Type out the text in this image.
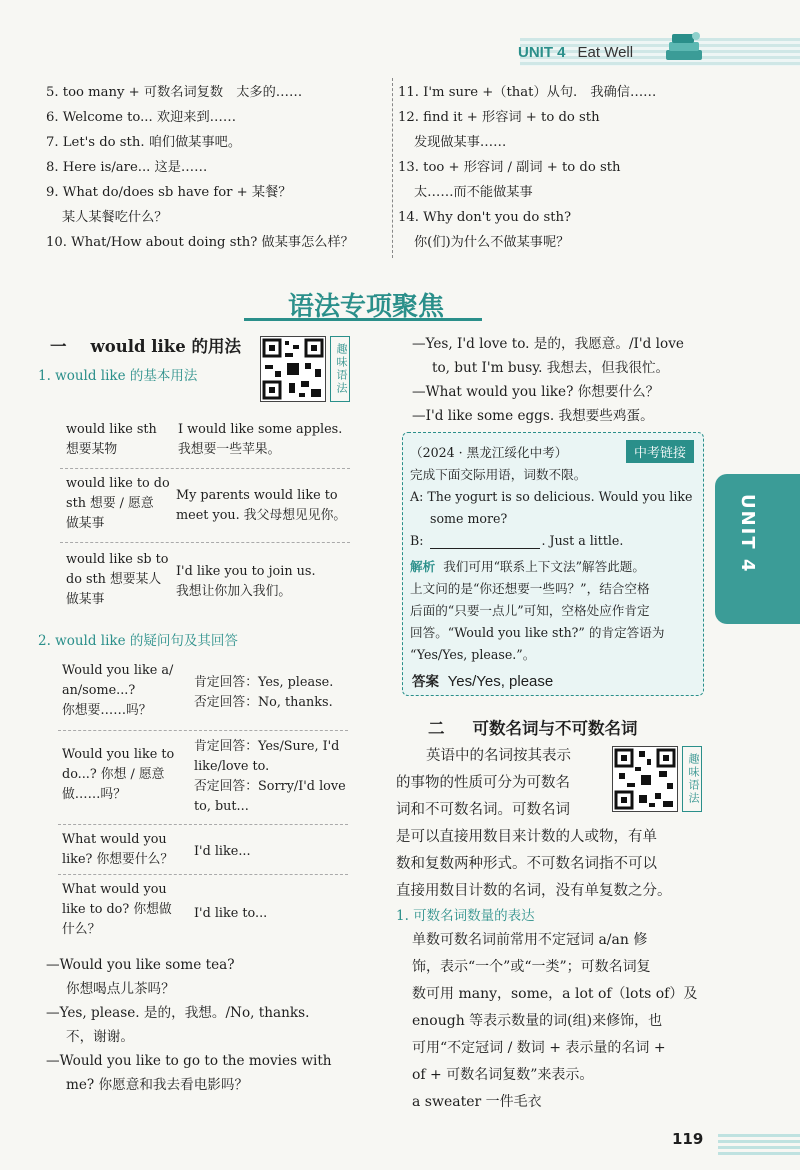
UNIT 4 Eat Well
5. too many + 可数名词复数　太多的……
6. Welcome to... 欢迎来到……
7. Let's do sth. 咱们做某事吧。
8. Here is/are... 这是……
9. What do/does sb have for + 某餐？
某人某餐吃什么？
10. What/How about doing sth? 做某事怎么样？
11. I'm sure +（that）从句.　我确信……
12. find it + 形容词 + to do sth
发现做某事……
13. too + 形容词 / 副词 + to do sth
太……而不能做某事
14. Why don't you do sth?
你(们)为什么不做某事呢？
语法专项聚焦
一 would like 的用法	趣味语法
1. would like 的基本用法
would like sth
想要某物
I would like some apples.
我想要一些苹果。
would like to do
sth 想要 / 愿意
做某事
My parents would like to
meet you. 我父母想见见你。
would like sb to
do sth 想要某人
做某事
I'd like you to join us.
我想让你加入我们。
2. would like 的疑问句及其回答
Would you like a/
an/some...?
你想要……吗？
肯定回答：Yes, please.
否定回答：No, thanks.
Would you like to
do...? 你想 / 愿意
做……吗？
肯定回答：Yes/Sure, I'd
like/love to.
否定回答：Sorry/I'd love
to, but...
What would you
like? 你想要什么？
I'd like...
What would you
like to do? 你想做
什么？
I'd like to...
—Would you like some tea?
你想喝点儿茶吗？
—Yes, please. 是的，我想。/No, thanks.
不，谢谢。
—Would you like to go to the movies with
me? 你愿意和我去看电影吗？
—Yes, I'd love to. 是的，我愿意。/I'd love
to, but I'm busy. 我想去，但我很忙。
—What would you like? 你想要什么？
—I'd like some eggs. 我想要些鸡蛋。
中考链接
（2024 · 黑龙江绥化中考）
完成下面交际用语，词数不限。
A: The yogurt is so delicious. Would you like
some more?
B:	. Just a little.
解析 我们可用“联系上下文法”解答此题。
上文问的是“你还想要一些吗？”，结合空格
后面的“只要一点儿”可知，空格处应作肯定
回答。“Would you like sth?” 的肯定答语为
“Yes/Yes, please.”。
答案 Yes/Yes, please
UNIT 4
二 可数名词与不可数名词
趣味语法
英语中的名词按其表示
的事物的性质可分为可数名
词和不可数名词。可数名词
是可以直接用数目来计数的人或物，有单
数和复数两种形式。不可数名词指不可以
直接用数目计数的名词，没有单复数之分。
1. 可数名词数量的表达
单数可数名词前常用不定冠词 a/an 修
饰，表示“一个”或“一类”；可数名词复
数可用 many，some，a lot of（lots of）及
enough 等表示数量的词(组)来修饰，也
可用“不定冠词 / 数词 + 表示量的名词 +
of + 可数名词复数”来表示。
a sweater 一件毛衣
119
